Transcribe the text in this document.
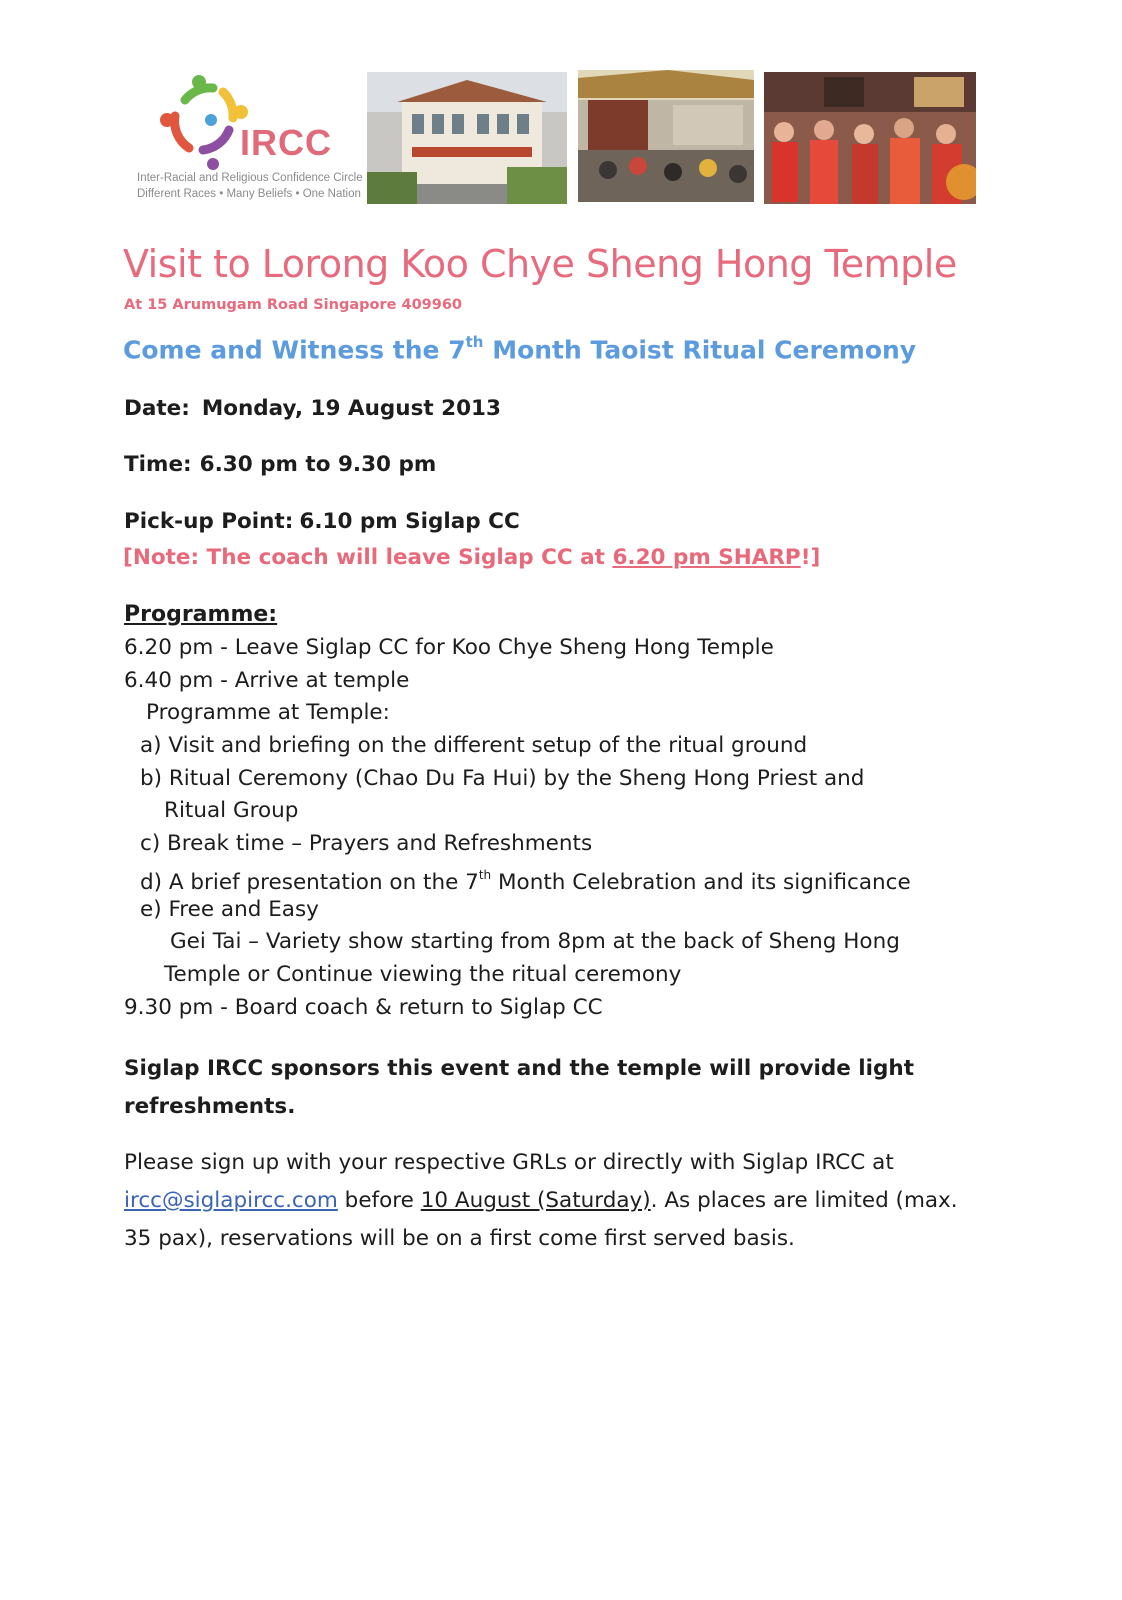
IRCC
Inter-Racial and Religious Confidence Circle
Different Races • Many Beliefs • One Nation
Visit to Lorong Koo Chye Sheng Hong Temple
At 15 Arumugam Road Singapore 409960
Come and Witness the 7th Month Taoist Ritual Ceremony
Date: Monday, 19 August 2013
Time: 6.30 pm to 9.30 pm
Pick-up Point: 6.10 pm Siglap CC
[Note: The coach will leave Siglap CC at 6.20 pm SHARP!]
Programme:
6.20 pm - Leave Siglap CC for Koo Chye Sheng Hong Temple
6.40 pm - Arrive at temple
Programme at Temple:
a) Visit and briefing on the different setup of the ritual ground
b) Ritual Ceremony (Chao Du Fa Hui) by the Sheng Hong Priest and
Ritual Group
c) Break time – Prayers and Refreshments
d) A brief presentation on the 7th Month Celebration and its significance
e) Free and Easy
Gei Tai – Variety show starting from 8pm at the back of Sheng Hong
Temple or Continue viewing the ritual ceremony
9.30 pm - Board coach & return to Siglap CC
Siglap IRCC sponsors this event and the temple will provide light refreshments.
Please sign up with your respective GRLs or directly with Siglap IRCC at
ircc@siglapircc.com before 10 August (Saturday). As places are limited (max. 35 pax), reservations will be on a first come first served basis.
